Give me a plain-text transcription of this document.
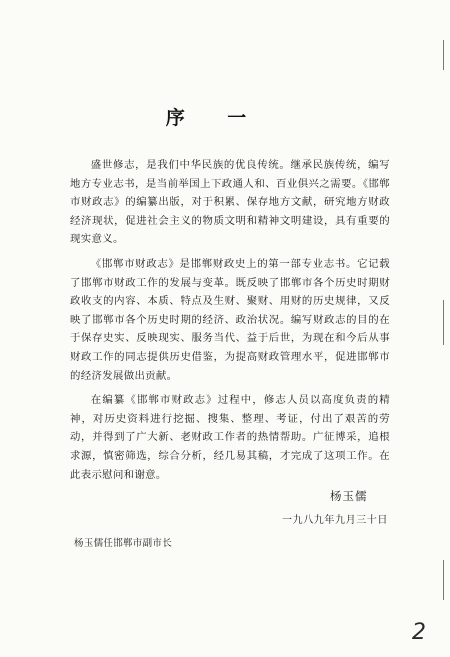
序 一

盛世修志，是我们中华民族的优良传统。继承民族传统，编写地方专业志书，是当前举国上下政通人和、百业俱兴之需要。《邯郸市财政志》的编纂出版，对于积累、保存地方文献，研究地方财政经济现状，促进社会主义的物质文明和精神文明建设，具有重要的现实意义。

《邯郸市财政志》是邯郸财政史上的第一部专业志书。它记载了邯郸市财政工作的发展与变革。既反映了邯郸市各个历史时期财政收支的内容、本质、特点及生财、聚财、用财的历史规律，又反映了邯郸市各个历史时期的经济、政治状况。编写财政志的目的在于保存史实、反映现实、服务当代、益于后世，为现在和今后从事财政工作的同志提供历史借鉴，为提高财政管理水平，促进邯郸市的经济发展做出贡献。

在编纂《邯郸市财政志》过程中，修志人员以高度负责的精神，对历史资料进行挖掘、搜集、整理、考证，付出了艰苦的劳动，并得到了广大新、老财政工作者的热情帮助。广征博采，追根求源，慎密筛选，综合分析，经几易其稿，才完成了这项工作。在此表示慰问和谢意。

杨玉儒
一九八九年九月三十日
杨玉儒任邯郸市副市长
2
